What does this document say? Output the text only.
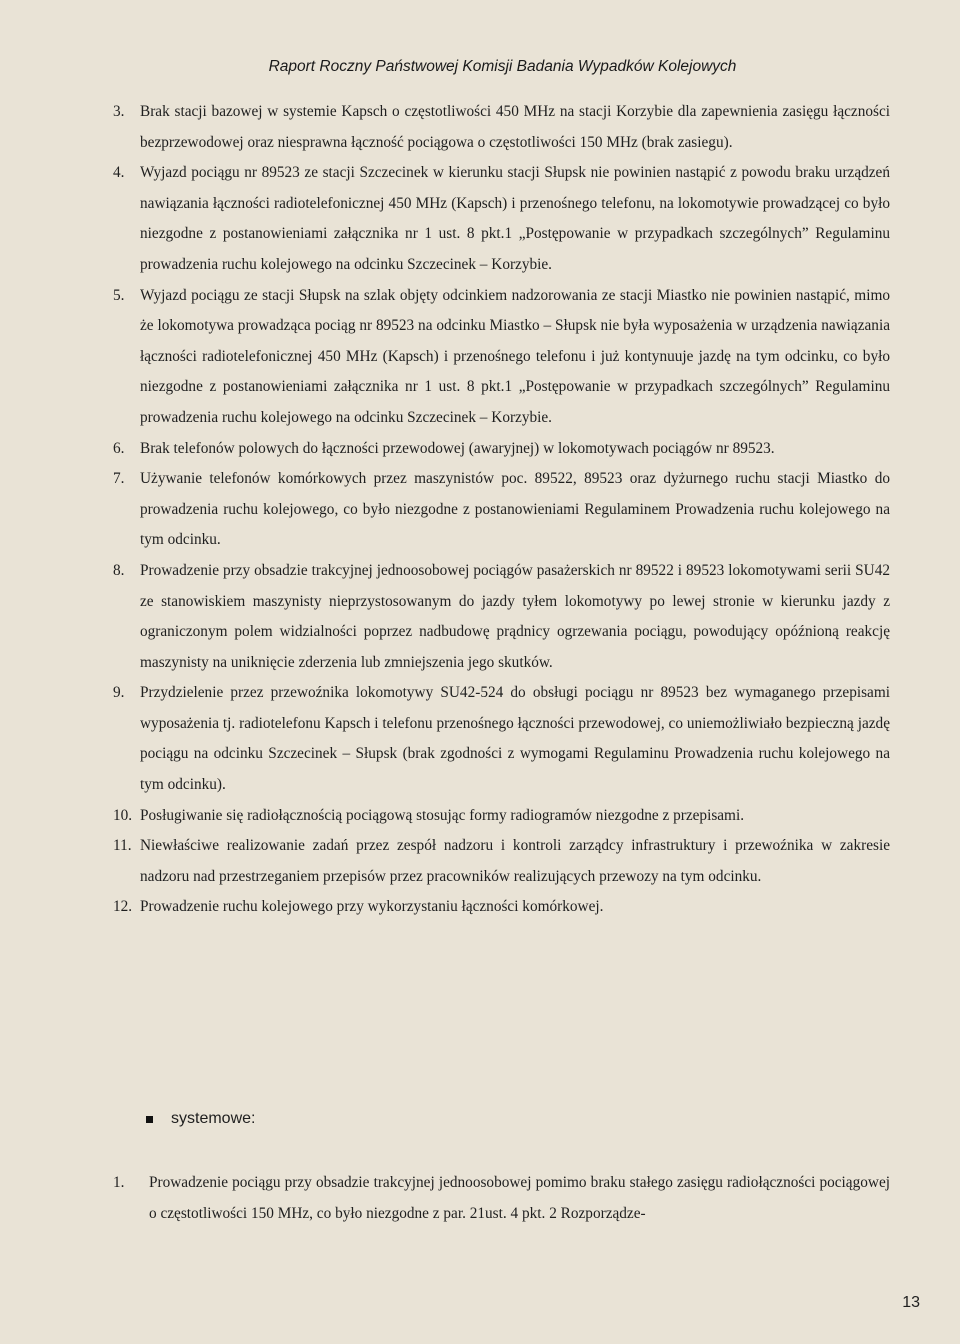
Raport Roczny Państwowej Komisji Badania Wypadków Kolejowych
3. Brak stacji bazowej w systemie Kapsch o częstotliwości 450 MHz na stacji Korzybie dla zapewnienia zasięgu łączności bezprzewodowej oraz niesprawna łączność pociągowa o częstotliwości 150 MHz (brak zasiegu).
4. Wyjazd pociągu nr 89523 ze stacji Szczecinek w kierunku stacji Słupsk nie powinien nastąpić z powodu braku urządzeń nawiązania łączności radiotelefonicznej 450 MHz (Kapsch) i przenośnego telefonu, na lokomotywie prowadzącej co było niezgodne z postanowieniami załącznika nr 1 ust. 8 pkt.1 „Postępowanie w przypadkach szczególnych” Regulaminu prowadzenia ruchu kolejowego na odcinku Szczecinek – Korzybie.
5. Wyjazd pociągu ze stacji Słupsk na szlak objęty odcinkiem nadzorowania ze stacji Miastko nie powinien nastąpić, mimo że lokomotywa prowadząca pociąg nr 89523 na odcinku Miastko – Słupsk nie była wyposażenia w urządzenia nawiązania łączności radiotelefonicznej 450 MHz (Kapsch) i przenośnego telefonu i już kontynuuje jazdę na tym odcinku, co było niezgodne z postanowieniami załącznika nr 1 ust. 8 pkt.1 „Postępowanie w przypadkach szczególnych” Regulaminu prowadzenia ruchu kolejowego na odcinku Szczecinek – Korzybie.
6. Brak telefonów polowych do łączności przewodowej (awaryjnej) w lokomotywach pociągów nr 89523.
7. Używanie telefonów komórkowych przez maszynistów poc. 89522, 89523 oraz dyżurnego ruchu stacji Miastko do prowadzenia ruchu kolejowego, co było niezgodne z postanowieniami Regulaminem Prowadzenia ruchu kolejowego na tym odcinku.
8. Prowadzenie przy obsadzie trakcyjnej jednoosobowej pociągów pasażerskich nr 89522 i 89523 lokomotywami serii SU42 ze stanowiskiem maszynisty nieprzystosowanym do jazdy tyłem lokomotywy po lewej stronie w kierunku jazdy z ograniczonym polem widzialności poprzez nadbudowę prądnicy ogrzewania pociągu, powodujący opóźnioną reakcję maszynisty na uniknięcie zderzenia lub zmniejszenia jego skutków.
9. Przydzielenie przez przewoźnika lokomotywy SU42-524 do obsługi pociągu nr 89523 bez wymaganego przepisami wyposażenia tj. radiotelefonu Kapsch i telefonu przenośnego łączności przewodowej, co uniemożliwiało bezpieczną jazdę pociągu na odcinku Szczecinek – Słupsk (brak zgodności z wymogami Regulaminu Prowadzenia ruchu kolejowego na tym odcinku).
10. Posługiwanie się radiołącznością pociągową stosując formy radiogramów niezgodne z przepisami.
11. Niewłaściwe realizowanie zadań przez zespół nadzoru i kontroli zarządcy infrastruktury i przewoźnika w zakresie nadzoru nad przestrzeganiem przepisów przez pracowników realizujących przewozy na tym odcinku.
12. Prowadzenie ruchu kolejowego przy wykorzystaniu łączności komórkowej.
systemowe:
1. Prowadzenie pociągu przy obsadzie trakcyjnej jednoosobowej pomimo braku stałego zasięgu radiołączności pociągowej o częstotliwości 150 MHz, co było niezgodne z par. 21ust. 4 pkt. 2 Rozporządze-
13
